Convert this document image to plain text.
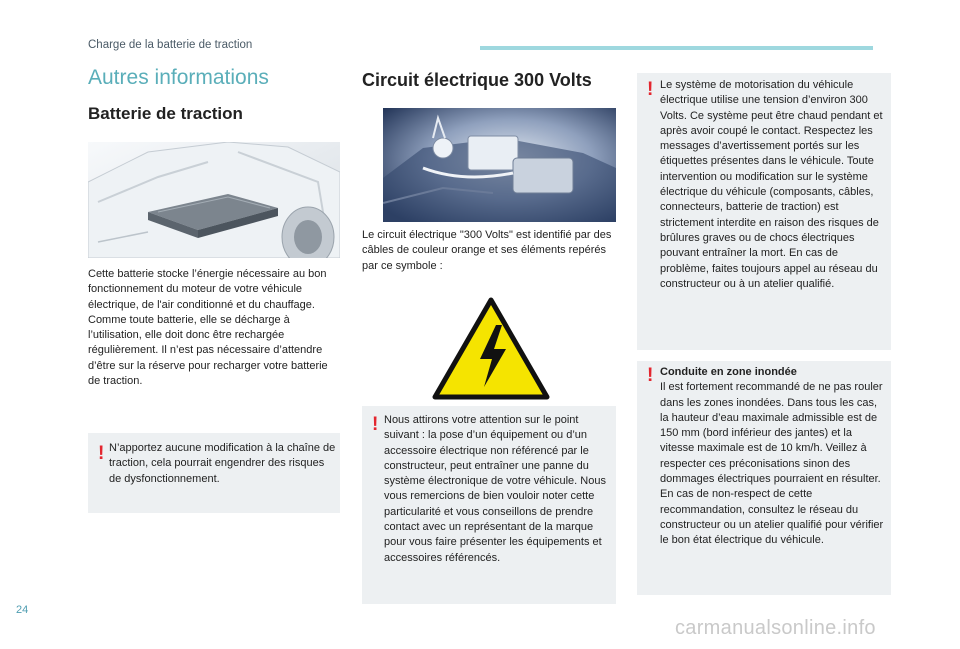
Charge de la batterie de traction
Autres informations
Batterie de traction
Circuit électrique 300 Volts
Cette batterie stocke l’énergie nécessaire au bon fonctionnement du moteur de votre véhicule électrique, de l'air conditionné et du chauffage. Comme toute batterie, elle se décharge à l’utilisation, elle doit donc être rechargée régulièrement. Il n’est pas nécessaire d’attendre d’être sur la réserve pour recharger votre batterie de traction.
Le circuit électrique "300 Volts" est identifié par des câbles de couleur orange et ses éléments repérés par ce symbole :
! N’apportez aucune modification à la chaîne de traction, cela pourrait engendrer des risques de dysfonctionnement.
! Nous attirons votre attention sur le point suivant : la pose d’un équipement ou d’un accessoire électrique non référencé par le constructeur, peut entraîner une panne du système électronique de votre véhicule. Nous vous remercions de bien vouloir noter cette particularité et vous conseillons de prendre contact avec un représentant de la marque pour vous faire présenter les équipements et accessoires référencés.
! Le système de motorisation du véhicule électrique utilise une tension d’environ 300 Volts. Ce système peut être chaud pendant et après avoir coupé le contact. Respectez les messages d’avertissement portés sur les étiquettes présentes dans le véhicule. Toute intervention ou modification sur le système électrique du véhicule (composants, câbles, connecteurs, batterie de traction) est strictement interdite en raison des risques de brûlures graves ou de chocs électriques pouvant entraîner la mort. En cas de problème, faites toujours appel au réseau du constructeur ou à un atelier qualifié.
! Conduite en zone inondée
Il est fortement recommandé de ne pas rouler dans les zones inondées. Dans tous les cas, la hauteur d’eau maximale admissible est de 150 mm (bord inférieur des jantes) et la vitesse maximale est de 10 km/h. Veillez à respecter ces préconisations sinon des dommages électriques pourraient en résulter. En cas de non-respect de cette recommandation, consultez le réseau du constructeur ou un atelier qualifié pour vérifier le bon état électrique du véhicule.
24
carmanualsonline.info
